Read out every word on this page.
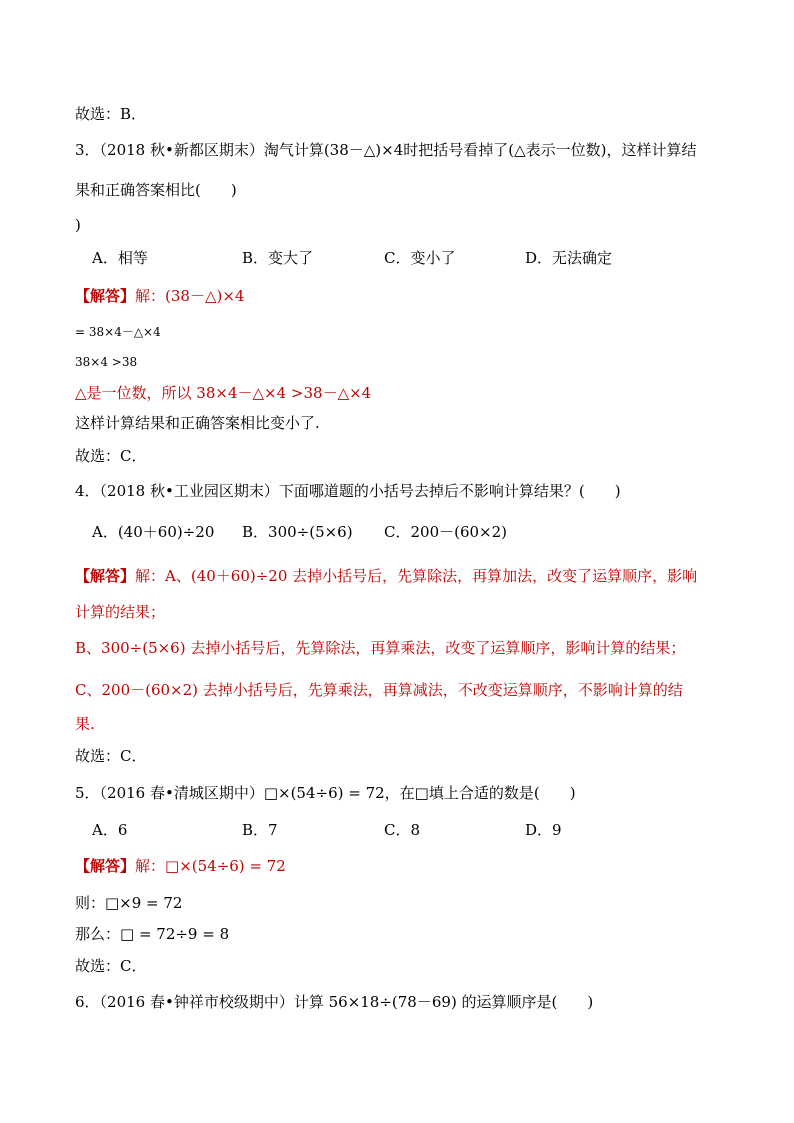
故选：B．
3．（2018 秋•新都区期末）淘气计算(38－△)×4时把括号看掉了(△表示一位数)，这样计算结
果和正确答案相比(　　)
)
A．相等	B．变大了	C．变小了	D．无法确定
【解答】解：(38－△)×4
= 38×4－△×4
38×4 >38
△是一位数，所以 38×4－△×4 >38－△×4
这样计算结果和正确答案相比变小了.
故选：C．
4．（2018 秋•工业园区期末）下面哪道题的小括号去掉后不影响计算结果？(　　)
A．(40＋60)÷20 B．300÷(5×6) C．200－(60×2)
【解答】解：A、(40＋60)÷20 去掉小括号后，先算除法，再算加法，改变了运算顺序，影响
计算的结果；
B、300÷(5×6) 去掉小括号后，先算除法，再算乘法，改变了运算顺序，影响计算的结果；
C、200－(60×2) 去掉小括号后，先算乘法，再算减法，不改变运算顺序，不影响计算的结
果.
故选：C．
5．（2016 春•清城区期中）□×(54÷6) = 72，在□填上合适的数是(　　)
A．6	B．7	C．8	D．9
【解答】解：□×(54÷6) = 72
则：□×9 = 72
那么：□ = 72÷9 = 8
故选：C．
6．（2016 春•钟祥市校级期中）计算 56×18÷(78－69) 的运算顺序是(　　)
